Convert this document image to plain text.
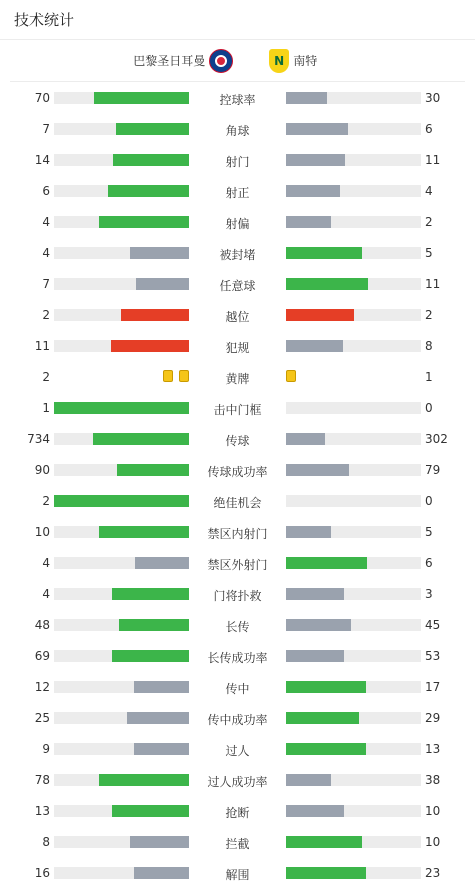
技术统计
巴黎圣日耳曼	N 南特
70	控球率	30
7	角球	6
14	射门	11
6	射正	4
4	射偏	2
4	被封堵	5
7	任意球	11
2	越位	2
11	犯规	8
2	黄牌	1
1	击中门框	0
734	传球	302
90	传球成功率	79
2	绝佳机会	0
10	禁区内射门	5
4	禁区外射门	6
4	门将扑救	3
48	长传	45
69	长传成功率	53
12	传中	17
25	传中成功率	29
9	过人	13
78	过人成功率	38
13	抢断	10
8	拦截	10
16	解围	23
